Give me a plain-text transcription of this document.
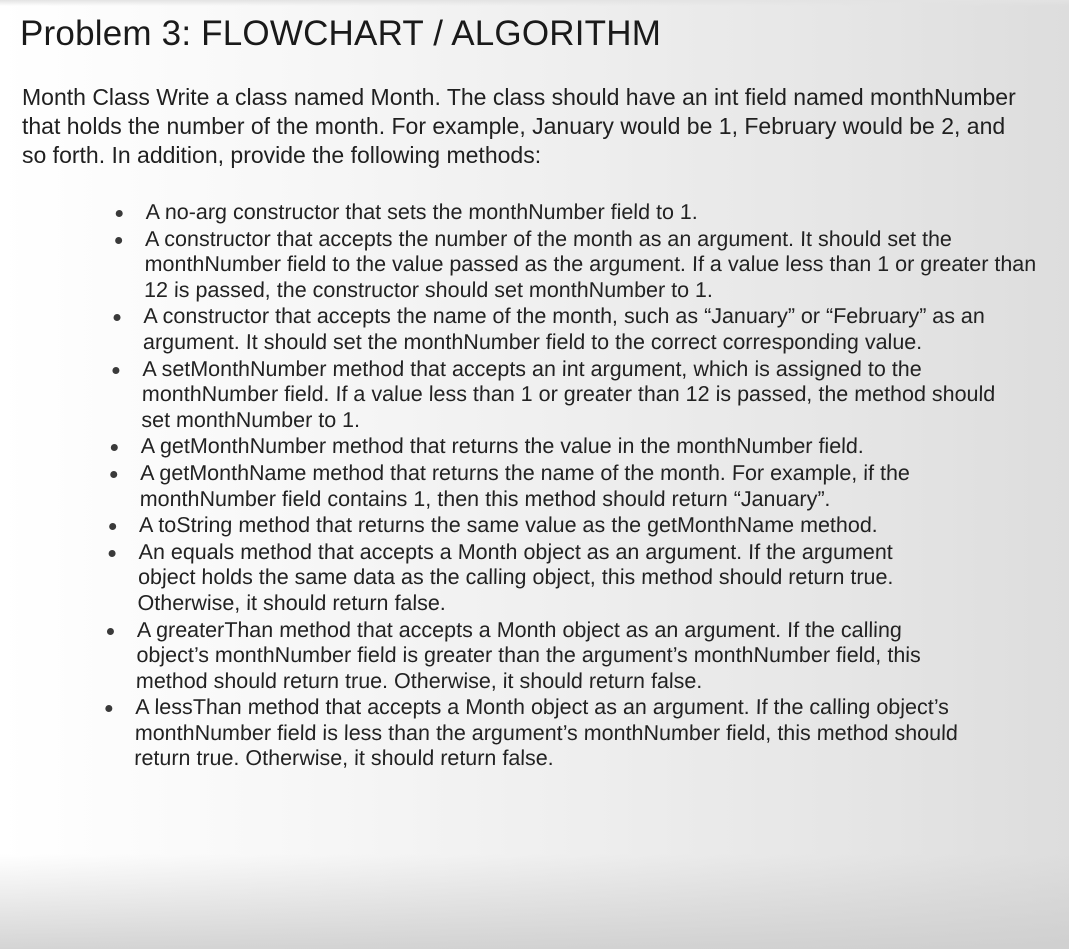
Problem 3: FLOWCHART / ALGORITHM

Month Class Write a class named Month. The class should have an int field named monthNumber that holds the number of the month. For example, January would be 1, February would be 2, and so forth. In addition, provide the following methods:

A no-arg constructor that sets the monthNumber field to 1.
A constructor that accepts the number of the month as an argument. It should set the monthNumber field to the value passed as the argument. If a value less than 1 or greater than 12 is passed, the constructor should set monthNumber to 1.
A constructor that accepts the name of the month, such as “January” or “February” as an argument. It should set the monthNumber field to the correct corresponding value.
A setMonthNumber method that accepts an int argument, which is assigned to the monthNumber field. If a value less than 1 or greater than 12 is passed, the method should set monthNumber to 1.
A getMonthNumber method that returns the value in the monthNumber field.
A getMonthName method that returns the name of the month. For example, if the monthNumber field contains 1, then this method should return “January”.
A toString method that returns the same value as the getMonthName method.
An equals method that accepts a Month object as an argument. If the argument object holds the same data as the calling object, this method should return true. Otherwise, it should return false.
A greaterThan method that accepts a Month object as an argument. If the calling object’s monthNumber field is greater than the argument’s monthNumber field, this method should return true. Otherwise, it should return false.
A lessThan method that accepts a Month object as an argument. If the calling object’s monthNumber field is less than the argument’s monthNumber field, this method should return true. Otherwise, it should return false.
